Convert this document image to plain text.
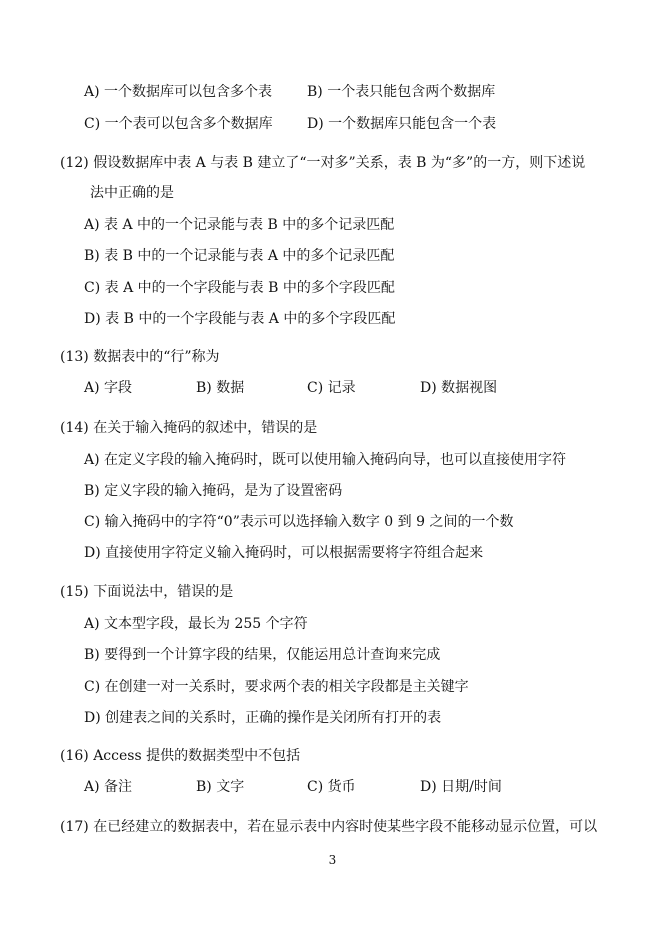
A) 一个数据库可以包含多个表 B) 一个表只能包含两个数据库
C) 一个表可以包含多个数据库 D) 一个数据库只能包含一个表
(12) 假设数据库中表 A 与表 B 建立了“一对多”关系，表 B 为“多”的一方，则下述说
法中正确的是
A) 表 A 中的一个记录能与表 B 中的多个记录匹配
B) 表 B 中的一个记录能与表 A 中的多个记录匹配
C) 表 A 中的一个字段能与表 B 中的多个字段匹配
D) 表 B 中的一个字段能与表 A 中的多个字段匹配
(13) 数据表中的“行”称为
A) 字段	B) 数据	C) 记录	D) 数据视图
(14) 在关于输入掩码的叙述中，错误的是
A) 在定义字段的输入掩码时，既可以使用输入掩码向导，也可以直接使用字符
B) 定义字段的输入掩码，是为了设置密码
C) 输入掩码中的字符“0”表示可以选择输入数字 0 到 9 之间的一个数
D) 直接使用字符定义输入掩码时，可以根据需要将字符组合起来
(15) 下面说法中，错误的是
A) 文本型字段，最长为 255 个字符
B) 要得到一个计算字段的结果，仅能运用总计查询来完成
C) 在创建一对一关系时，要求两个表的相关字段都是主关键字
D) 创建表之间的关系时，正确的操作是关闭所有打开的表
(16) Access 提供的数据类型中不包括
A) 备注	B) 文字	C) 货币	D) 日期/时间
(17) 在已经建立的数据表中，若在显示表中内容时使某些字段不能移动显示位置，可以
3
